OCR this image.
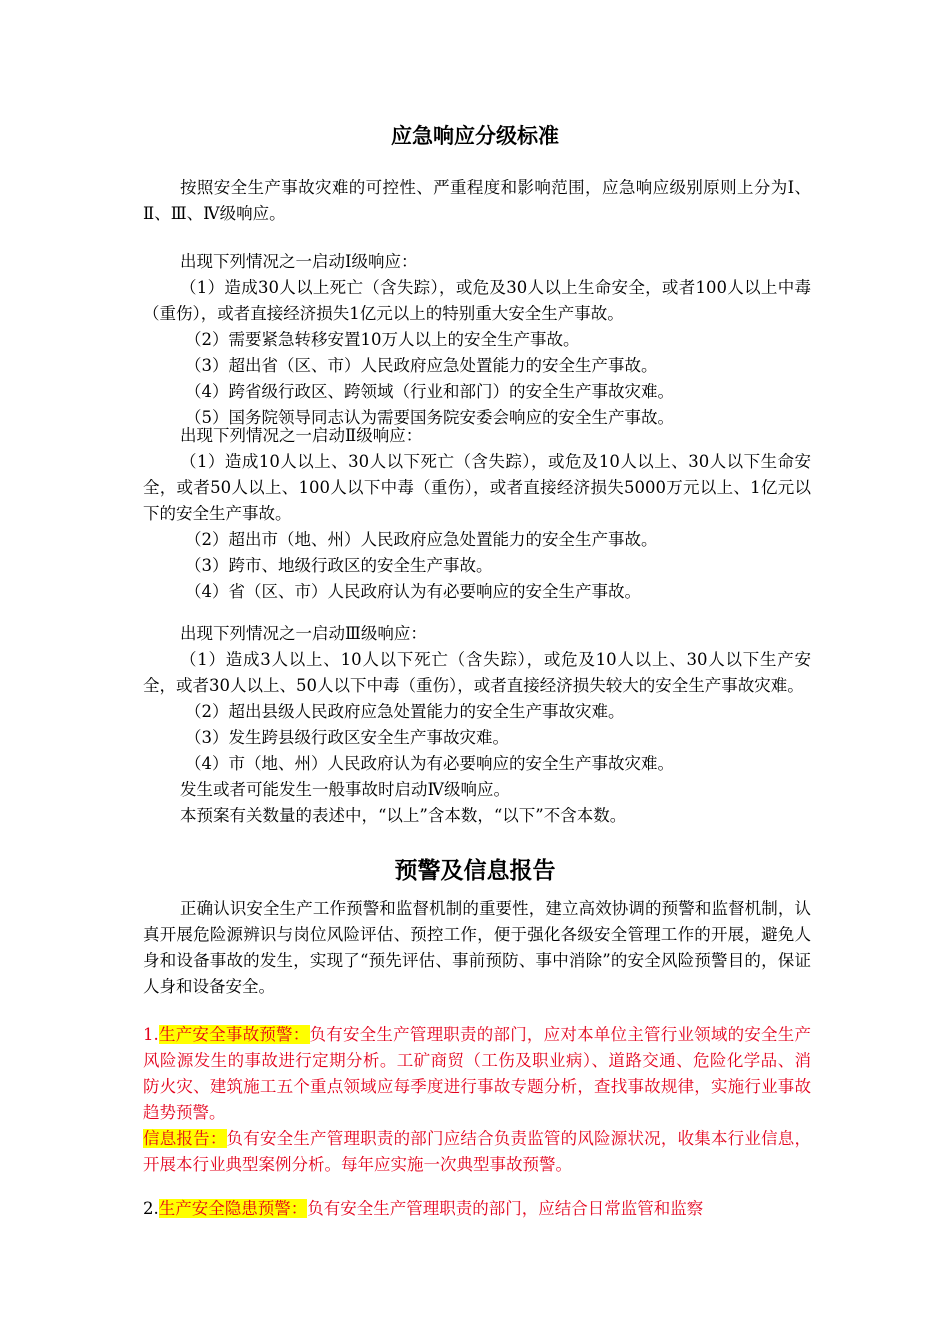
应急响应分级标准
按照安全生产事故灾难的可控性、严重程度和影响范围，应急响应级别原则上分为Ⅰ、Ⅱ、Ⅲ、Ⅳ级响应。

出现下列情况之一启动Ⅰ级响应：

（1）造成30人以上死亡（含失踪），或危及30人以上生命安全，或者100人以上中毒（重伤），或者直接经济损失1亿元以上的特别重大安全生产事故。

（2）需要紧急转移安置10万人以上的安全生产事故。

（3）超出省（区、市）人民政府应急处置能力的安全生产事故。

（4）跨省级行政区、跨领域（行业和部门）的安全生产事故灾难。

（5）国务院领导同志认为需要国务院安委会响应的安全生产事故。

出现下列情况之一启动Ⅱ级响应：

（1）造成10人以上、30人以下死亡（含失踪），或危及10人以上、30人以下生命安全，或者50人以上、100人以下中毒（重伤），或者直接经济损失5000万元以上、1亿元以下的安全生产事故。

（2）超出市（地、州）人民政府应急处置能力的安全生产事故。

（3）跨市、地级行政区的安全生产事故。

（4）省（区、市）人民政府认为有必要响应的安全生产事故。

出现下列情况之一启动Ⅲ级响应：

（1）造成3人以上、10人以下死亡（含失踪），或危及10人以上、30人以下生产安全，或者30人以上、50人以下中毒（重伤），或者直接经济损失较大的安全生产事故灾难。

（2）超出县级人民政府应急处置能力的安全生产事故灾难。

（3）发生跨县级行政区安全生产事故灾难。

（4）市（地、州）人民政府认为有必要响应的安全生产事故灾难。

发生或者可能发生一般事故时启动Ⅳ级响应。

本预案有关数量的表述中，“以上”含本数，“以下”不含本数。

预警及信息报告
正确认识安全生产工作预警和监督机制的重要性，建立高效协调的预警和监督机制，认真开展危险源辨识与岗位风险评估、预控工作，便于强化各级安全管理工作的开展，避免人身和设备事故的发生，实现了“预先评估、事前预防、事中消除”的安全风险预警目的，保证人身和设备安全。

1.生产安全事故预警：负有安全生产管理职责的部门，应对本单位主管行业领域的安全生产风险源发生的事故进行定期分析。工矿商贸（工伤及职业病）、道路交通、危险化学品、消防火灾、建筑施工五个重点领域应每季度进行事故专题分析，查找事故规律，实施行业事故趋势预警。

信息报告：负有安全生产管理职责的部门应结合负责监管的风险源状况，收集本行业信息，开展本行业典型案例分析。每年应实施一次典型事故预警。

2.生产安全隐患预警：负有安全生产管理职责的部门，应结合日常监管和监察
